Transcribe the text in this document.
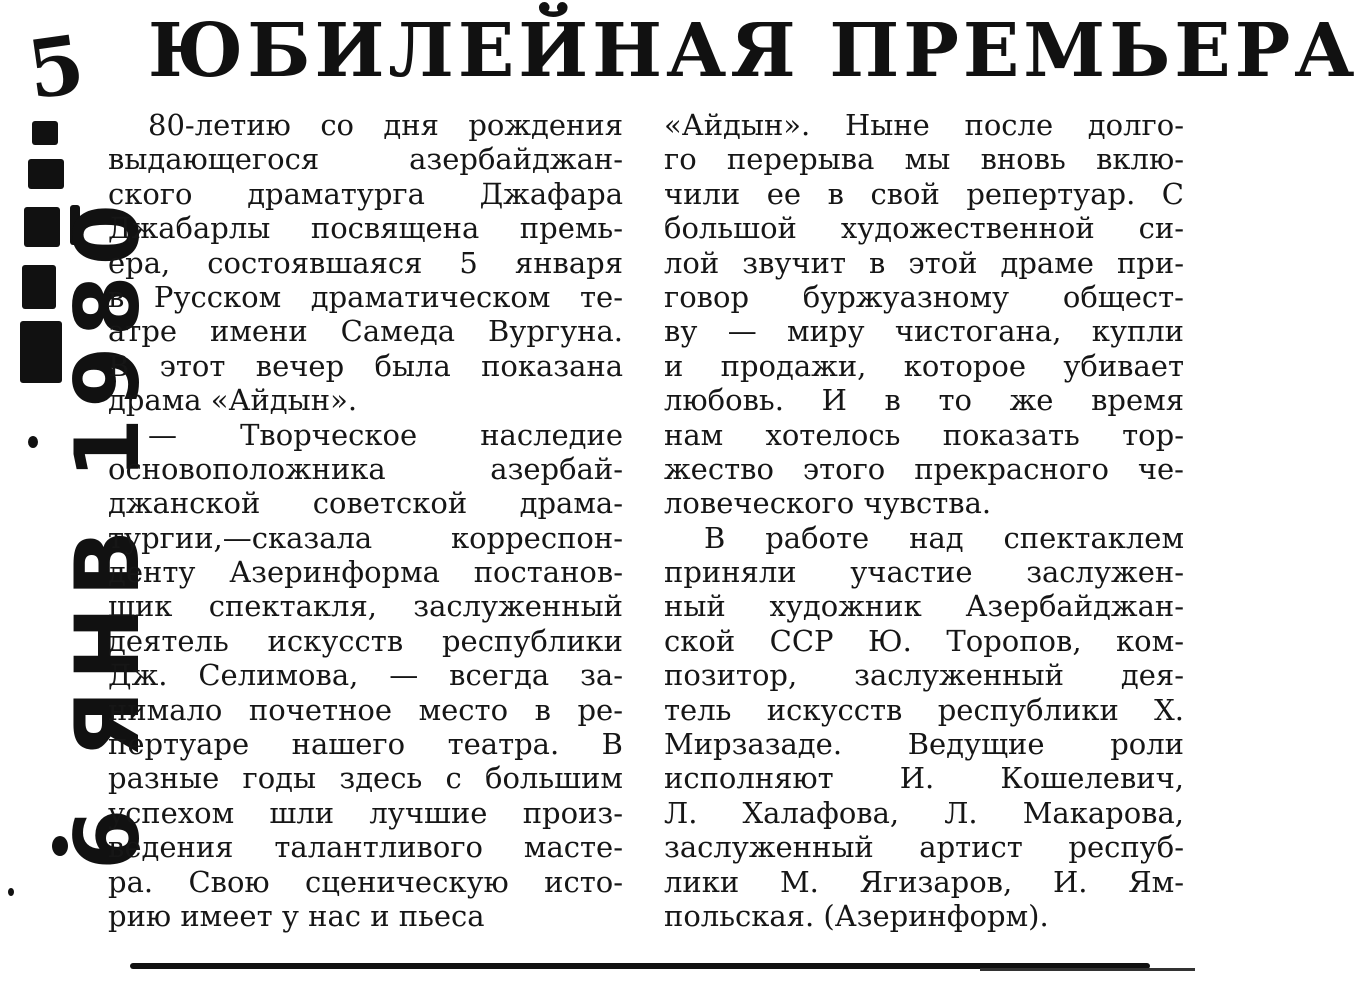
5
6 ЯНВ 1980
ЮБИЛЕЙНАЯ ПРЕМЬЕРА
80-летию со дня рождения
выдающегося азербайджан-
ского драматурга Джафара
Джабарлы посвящена премь-
ера, состоявшаяся 5 января
в Русском драматическом те-
атре имени Самеда Вургуна.
В этот вечер была показана
драма «Айдын».
— Творческое наследие
основоположника азербай-
джанской советской драма-
тургии,—сказала корреспон-
денту Азеринформа постанов-
щик спектакля, заслуженный
деятель искусств республики
Дж. Селимова, — всегда за-
нимало почетное место в ре-
пертуаре нашего театра. В
разные годы здесь с большим
успехом шли лучшие произ-
ведения талантливого масте-
ра. Свою сценическую исто-
рию имеет у нас и пьеса
«Айдын». Ныне после долго-
го перерыва мы вновь вклю-
чили ее в свой репертуар. С
большой художественной си-
лой звучит в этой драме при-
говор буржуазному общест-
ву — миру чистогана, купли
и продажи, которое убивает
любовь. И в то же время
нам хотелось показать тор-
жество этого прекрасного че-
ловеческого чувства.
В работе над спектаклем
приняли участие заслужен-
ный художник Азербайджан-
ской ССР Ю. Торопов, ком-
позитор, заслуженный дея-
тель искусств республики Х.
Мирзазаде. Ведущие роли
исполняют И. Кошелевич,
Л. Халафова, Л. Макарова,
заслуженный артист респуб-
лики М. Ягизаров, И. Ям-
польская. (Азеринформ).
